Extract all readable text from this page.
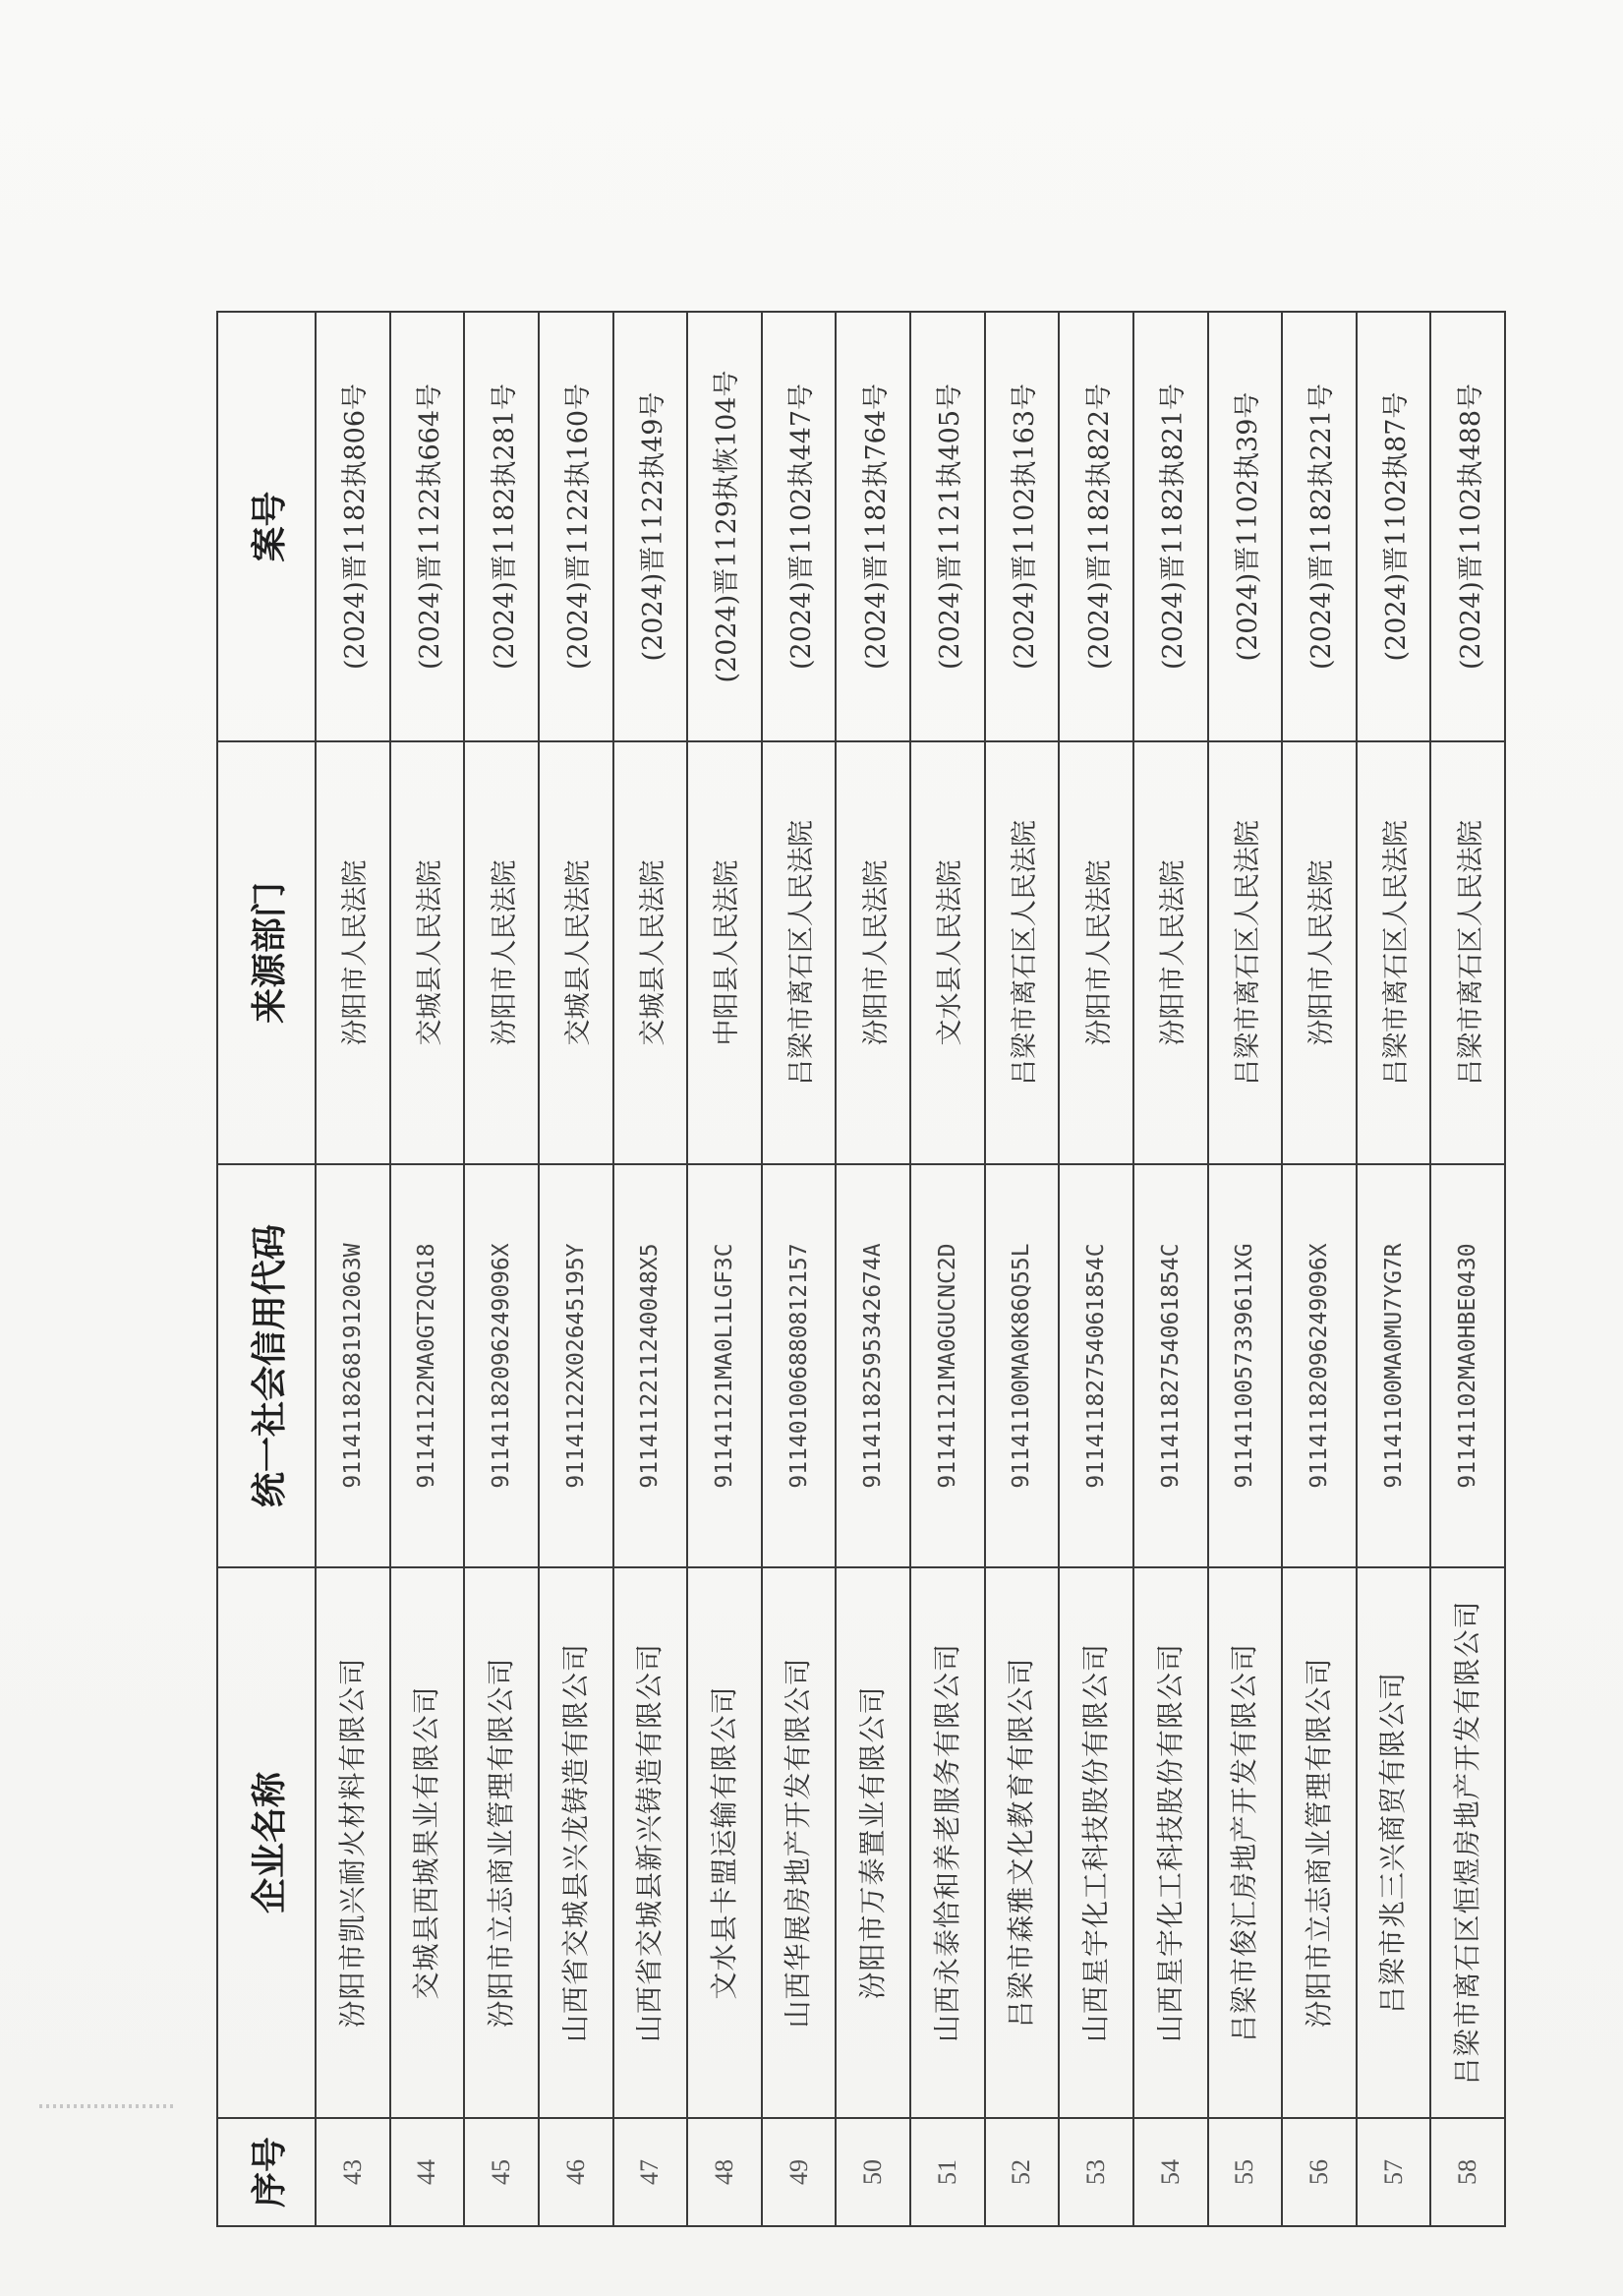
序号	企业名称	统一社会信用代码	来源部门	案号
43	汾阳市凯兴耐火材料有限公司	91141182681912063W	汾阳市人民法院	(2024)晋1182执806号
44	交城县西城果业有限公司	91141122MA0GT2QG18	交城县人民法院	(2024)晋1122执664号
45	汾阳市立志商业管理有限公司	91141182096249096X	汾阳市人民法院	(2024)晋1182执281号
46	山西省交城县兴龙铸造有限公司	91141122X02645195Y	交城县人民法院	(2024)晋1122执160号
47	山西省交城县新兴铸造有限公司	9114112211240048X5	交城县人民法院	(2024)晋1122执49号
48	文水县卡盟运输有限公司	91141121MA0L1LGF3C	中阳县人民法院	(2024)晋1129执恢104号
49	山西华展房地产开发有限公司	911401006880812157	吕梁市离石区人民法院	(2024)晋1102执447号
50	汾阳市万泰置业有限公司	91141182595342674A	汾阳市人民法院	(2024)晋1182执764号
51	山西永泰恰和养老服务有限公司	91141121MA0GUCNC2D	文水县人民法院	(2024)晋1121执405号
52	吕梁市森雅文化教育有限公司	91141100MA0K86Q55L	吕梁市离石区人民法院	(2024)晋1102执163号
53	山西星宇化工科技股份有限公司	91141182754061854C	汾阳市人民法院	(2024)晋1182执822号
54	山西星宇化工科技股份有限公司	91141182754061854C	汾阳市人民法院	(2024)晋1182执821号
55	吕梁市俊汇房地产开发有限公司	9114110057339611XG	吕梁市离石区人民法院	(2024)晋1102执39号
56	汾阳市立志商业管理有限公司	91141182096249096X	汾阳市人民法院	(2024)晋1182执221号
57	吕梁市兆三兴商贸有限公司	91141100MA0MU7YG7R	吕梁市离石区人民法院	(2024)晋1102执87号
58	吕梁市离石区恒煜房地产开发有限公司	91141102MA0HBE0430	吕梁市离石区人民法院	(2024)晋1102执488号
